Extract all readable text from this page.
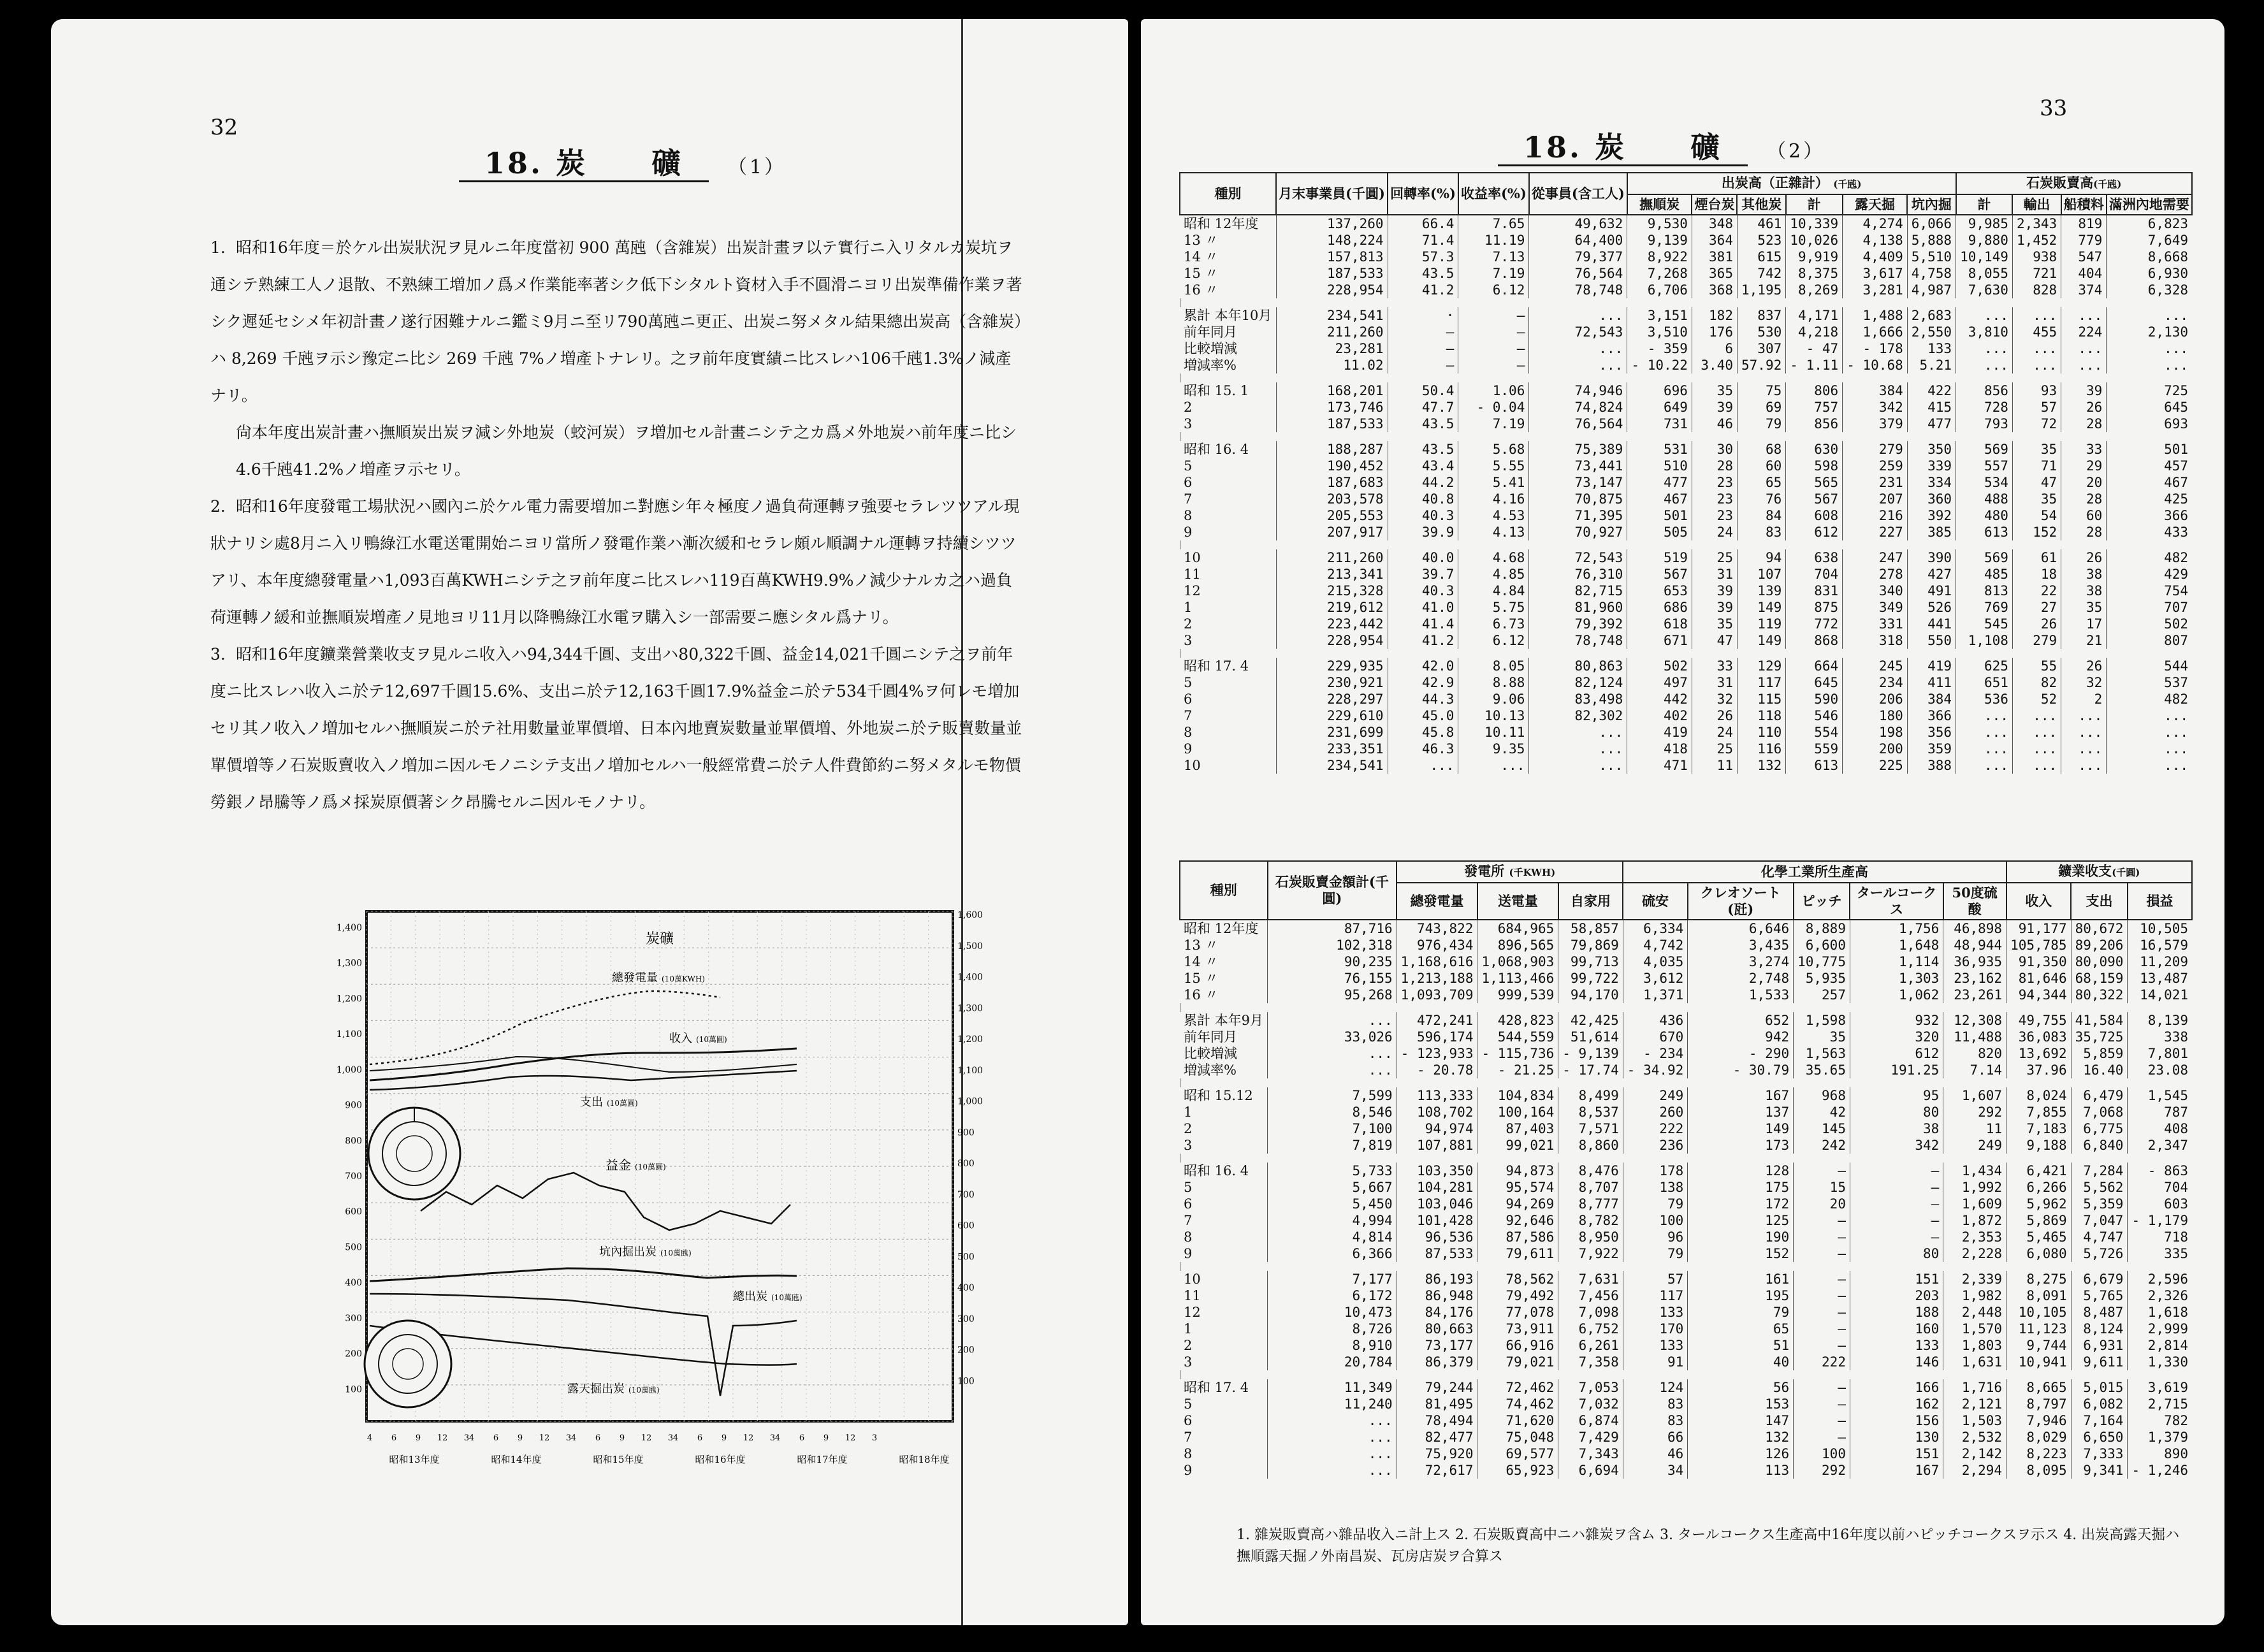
32
18. 炭　　礦 （1）

1. 昭和16年度＝於ケル出炭狀況ヲ見ルニ年度當初 900 萬瓲（含雜炭）出炭計畫ヲ以テ實行ニ入リタルカ炭坑ヲ通シテ熟練工人ノ退散、不熟練工増加ノ爲メ作業能率著シク低下シタルト資材入手不圓滑ニヨリ出炭準備作業ヲ著シク遲延セシメ年初計畫ノ遂行困難ナルニ鑑ミ9月ニ至リ790萬瓲ニ更正、出炭ニ努メタル結果總出炭高（含雜炭）ハ 8,269 千瓲ヲ示シ豫定ニ比シ 269 千瓲 7%ノ増產トナレリ。之ヲ前年度實績ニ比スレハ106千瓲1.3%ノ減產ナリ。

尙本年度出炭計畫ハ撫順炭出炭ヲ減シ外地炭（蛟河炭）ヲ増加セル計畫ニシテ之カ爲メ外地炭ハ前年度ニ比シ4.6千瓲41.2%ノ増產ヲ示セリ。

2. 昭和16年度發電工場狀況ハ國內ニ於ケル電力需要増加ニ對應シ年々極度ノ過負荷運轉ヲ強要セラレツツアル現狀ナリシ處8月ニ入リ鴨綠江水電送電開始ニヨリ當所ノ發電作業ハ漸次緩和セラレ頗ル順調ナル運轉ヲ持續シツツアリ、本年度總發電量ハ1,093百萬KWHニシテ之ヲ前年度ニ比スレハ119百萬KWH9.9%ノ減少ナルカ之ハ過負荷運轉ノ緩和並撫順炭増產ノ見地ヨリ11月以降鴨綠江水電ヲ購入シ一部需要ニ應シタル爲ナリ。

3. 昭和16年度鑛業營業收支ヲ見ルニ收入ハ94,344千圓、支出ハ80,322千圓、益金14,021千圓ニシテ之ヲ前年度ニ比スレハ收入ニ於テ12,697千圓15.6%、支出ニ於テ12,163千圓17.9%益金ニ於テ534千圓4%ヲ何レモ増加セリ其ノ收入ノ増加セルハ撫順炭ニ於テ社用數量並單價増、日本內地賣炭數量並單價増、外地炭ニ於テ販賣數量並單價増等ノ石炭販賣收入ノ増加ニ因ルモノニシテ支出ノ増加セルハ一般經常費ニ於テ人件費節約ニ努メタルモ物價勞銀ノ昂騰等ノ爲メ採炭原價著シク昂騰セルニ因ルモノナリ。

炭礦
1,400
1,300
1,200
1,100
1,000
900
800
700
600
500
400
300
200
100
1,600
1,500
1,400
1,300
1,200
1,100
1,000
900
800
700
600
500
400
300
200
100
總發電量 (10萬KWH)
收入 (10萬圓)
支出 (10萬圓)
益金 (10萬圓)
坑內掘出炭 (10萬瓲)
總出炭 (10萬瓲)
露天掘出炭 (10萬瓲)
4 6 9 12 3 4 6 9 12 3 4 6 9 12 3 4 6 9 12 3 4 6 9 12 3
昭和13年度	昭和14年度	昭和15年度	昭和16年度	昭和17年度	昭和18年度
33
18. 炭　　礦 （2）
種別	月末事業員(千圓)	回轉率(%)	收益率(%)	從事員(含工人)	出炭高（正雜計） (千瓲)						石炭販賣高(千瓲)			
					撫順炭	煙台炭	其他炭	計	露天掘	坑內掘	計	輸出	船積料	滿洲內地需要
昭和 12年度	137,260	66.4	7.65	49,632	9,530	348	461	10,339	4,274	6,066	9,985	2,343	819	6,823
13 〃	148,224	71.4	11.19	64,400	9,139	364	523	10,026	4,138	5,888	9,880	1,452	779	7,649
14 〃	157,813	57.3	7.13	79,377	8,922	381	615	9,919	4,409	5,510	10,149	938	547	8,668
15 〃	187,533	43.5	7.19	76,564	7,268	365	742	8,375	3,617	4,758	8,055	721	404	6,930
16 〃	228,954	41.2	6.12	78,748	6,706	368	1,195	8,269	3,281	4,987	7,630	828	374	6,328

累計 本年10月	234,541	·	—	...	3,151	182	837	4,171	1,488	2,683	...	...	...	...
前年同月	211,260	—	—	72,543	3,510	176	530	4,218	1,666	2,550	3,810	455	224	2,130
比較増減	23,281	—	—	...	- 359	6	307	- 47	- 178	133	...	...	...	...
増減率%	11.02	—	—	...	- 10.22	3.40	57.92	- 1.11	- 10.68	5.21	...	...	...	...

昭和 15. 1	168,201	50.4	1.06	74,946	696	35	75	806	384	422	856	93	39	725
2	173,746	47.7	- 0.04	74,824	649	39	69	757	342	415	728	57	26	645
3	187,533	43.5	7.19	76,564	731	46	79	856	379	477	793	72	28	693

昭和 16. 4	188,287	43.5	5.68	75,389	531	30	68	630	279	350	569	35	33	501
5	190,452	43.4	5.55	73,441	510	28	60	598	259	339	557	71	29	457
6	187,683	44.2	5.41	73,147	477	23	65	565	231	334	534	47	20	467
7	203,578	40.8	4.16	70,875	467	23	76	567	207	360	488	35	28	425
8	205,553	40.3	4.53	71,395	501	23	84	608	216	392	480	54	60	366
9	207,917	39.9	4.13	70,927	505	24	83	612	227	385	613	152	28	433

10	211,260	40.0	4.68	72,543	519	25	94	638	247	390	569	61	26	482
11	213,341	39.7	4.85	76,310	567	31	107	704	278	427	485	18	38	429
12	215,328	40.3	4.84	82,715	653	39	139	831	340	491	813	22	38	754
1	219,612	41.0	5.75	81,960	686	39	149	875	349	526	769	27	35	707
2	223,442	41.4	6.73	79,392	618	35	119	772	331	441	545	26	17	502
3	228,954	41.2	6.12	78,748	671	47	149	868	318	550	1,108	279	21	807

昭和 17. 4	229,935	42.0	8.05	80,863	502	33	129	664	245	419	625	55	26	544
5	230,921	42.9	8.88	82,124	497	31	117	645	234	411	651	82	32	537
6	228,297	44.3	9.06	83,498	442	32	115	590	206	384	536	52	2	482
7	229,610	45.0	10.13	82,302	402	26	118	546	180	366	...	...	...	...
8	231,699	45.8	10.11	...	419	24	110	554	198	356	...	...	...	...
9	233,351	46.3	9.35	...	418	25	116	559	200	359	...	...	...	...
10	234,541	...	...	...	471	11	132	613	225	388	...	...	...	...
種別	石炭販賣金額計(千圓)	發電所 (千KWH)			化學工業所生產高					鑛業收支(千圓)		
		總發電量	送電量	自家用	硫安	クレオソート(瓩)	ピッチ	タールコークス	50度硫酸	收入	支出	損益
昭和 12年度	87,716	743,822	684,965	58,857	6,334	6,646	8,889	1,756	46,898	91,177	80,672	10,505
13 〃	102,318	976,434	896,565	79,869	4,742	3,435	6,600	1,648	48,944	105,785	89,206	16,579
14 〃	90,235	1,168,616	1,068,903	99,713	4,035	3,274	10,775	1,114	36,935	91,350	80,090	11,209
15 〃	76,155	1,213,188	1,113,466	99,722	3,612	2,748	5,935	1,303	23,162	81,646	68,159	13,487
16 〃	95,268	1,093,709	999,539	94,170	1,371	1,533	257	1,062	23,261	94,344	80,322	14,021

累計 本年9月	...	472,241	428,823	42,425	436	652	1,598	932	12,308	49,755	41,584	8,139
前年同月	33,026	596,174	544,559	51,614	670	942	35	320	11,488	36,083	35,725	338
比較増減	...	- 123,933	- 115,736	- 9,139	- 234	- 290	1,563	612	820	13,692	5,859	7,801
増減率%	...	- 20.78	- 21.25	- 17.74	- 34.92	- 30.79	35.65	191.25	7.14	37.96	16.40	23.08

昭和 15.12	7,599	113,333	104,834	8,499	249	167	968	95	1,607	8,024	6,479	1,545
1	8,546	108,702	100,164	8,537	260	137	42	80	292	7,855	7,068	787
2	7,100	94,974	87,403	7,571	222	149	145	38	11	7,183	6,775	408
3	7,819	107,881	99,021	8,860	236	173	242	342	249	9,188	6,840	2,347

昭和 16. 4	5,733	103,350	94,873	8,476	178	128	—	—	1,434	6,421	7,284	- 863
5	5,667	104,281	95,574	8,707	138	175	15	—	1,992	6,266	5,562	704
6	5,450	103,046	94,269	8,777	79	172	20	—	1,609	5,962	5,359	603
7	4,994	101,428	92,646	8,782	100	125	—	—	1,872	5,869	7,047	- 1,179
8	4,814	96,536	87,586	8,950	96	190	—	—	2,353	5,465	4,747	718
9	6,366	87,533	79,611	7,922	79	152	—	80	2,228	6,080	5,726	335

10	7,177	86,193	78,562	7,631	57	161	—	151	2,339	8,275	6,679	2,596
11	6,172	86,948	79,492	7,456	117	195	—	203	1,982	8,091	5,765	2,326
12	10,473	84,176	77,078	7,098	133	79	—	188	2,448	10,105	8,487	1,618
1	8,726	80,663	73,911	6,752	170	65	—	160	1,570	11,123	8,124	2,999
2	8,910	73,177	66,916	6,261	133	51	—	133	1,803	9,744	6,931	2,814
3	20,784	86,379	79,021	7,358	91	40	222	146	1,631	10,941	9,611	1,330

昭和 17. 4	11,349	79,244	72,462	7,053	124	56	—	166	1,716	8,665	5,015	3,619
5	11,240	81,495	74,462	7,032	83	153	—	162	2,121	8,797	6,082	2,715
6	...	78,494	71,620	6,874	83	147	—	156	1,503	7,946	7,164	782
7	...	82,477	75,048	7,429	66	132	—	130	2,532	8,029	6,650	1,379
8	...	75,920	69,577	7,343	46	126	100	151	2,142	8,223	7,333	890
9	...	72,617	65,923	6,694	34	113	292	167	2,294	8,095	9,341	- 1,246
1. 雜炭販賣高ハ雜品收入ニ計上ス 2. 石炭販賣高中ニハ雜炭ヲ含ム 3. タールコークス生產高中16年度以前ハピッチコークスヲ示ス 4. 出炭高露天掘ハ撫順露天掘ノ外南昌炭、瓦房店炭ヲ合算ス
